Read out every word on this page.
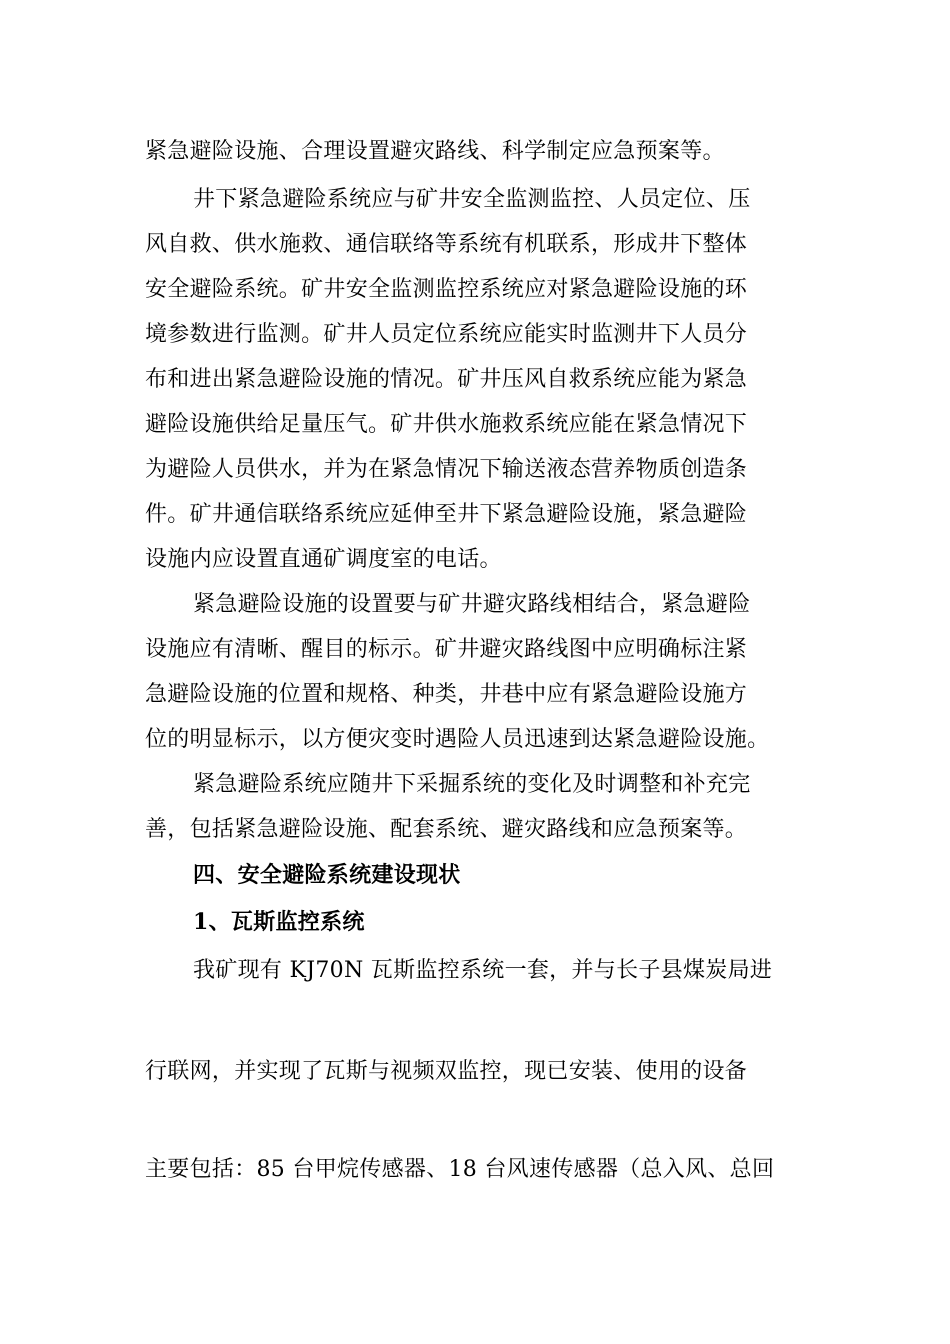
紧急避险设施、合理设置避灾路线、科学制定应急预案等。
井下紧急避险系统应与矿井安全监测监控、人员定位、压
风自救、供水施救、通信联络等系统有机联系，形成井下整体
安全避险系统。矿井安全监测监控系统应对紧急避险设施的环
境参数进行监测。矿井人员定位系统应能实时监测井下人员分
布和进出紧急避险设施的情况。矿井压风自救系统应能为紧急
避险设施供给足量压气。矿井供水施救系统应能在紧急情况下
为避险人员供水，并为在紧急情况下输送液态营养物质创造条
件。矿井通信联络系统应延伸至井下紧急避险设施，紧急避险
设施内应设置直通矿调度室的电话。
紧急避险设施的设置要与矿井避灾路线相结合，紧急避险
设施应有清晰、醒目的标示。矿井避灾路线图中应明确标注紧
急避险设施的位置和规格、种类，井巷中应有紧急避险设施方
位的明显标示，以方便灾变时遇险人员迅速到达紧急避险设施。
紧急避险系统应随井下采掘系统的变化及时调整和补充完
善，包括紧急避险设施、配套系统、避灾路线和应急预案等。
四、安全避险系统建设现状
1、瓦斯监控系统
我矿现有 KJ70N 瓦斯监控系统一套，并与长子县煤炭局进
行联网，并实现了瓦斯与视频双监控，现已安装、使用的设备
主要包括：85 台甲烷传感器、18 台风速传感器（总入风、总回
